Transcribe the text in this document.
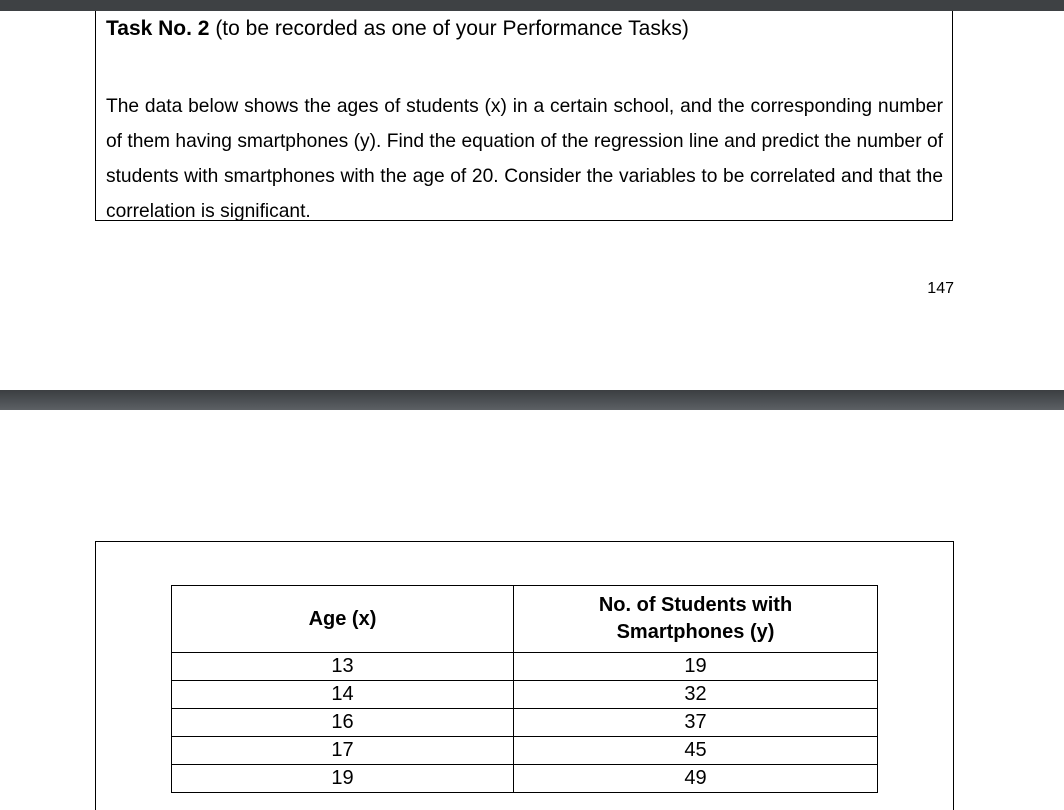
Task No. 2 (to be recorded as one of your Performance Tasks)
The data below shows the ages of students (x) in a certain school, and the corresponding number of them having smartphones (y). Find the equation of the regression line and predict the number of students with smartphones with the age of 20. Consider the variables to be correlated and that the correlation is significant.
147
Age (x)	No. of Students with Smartphones (y)
13	19
14	32
16	37
17	45
19	49
